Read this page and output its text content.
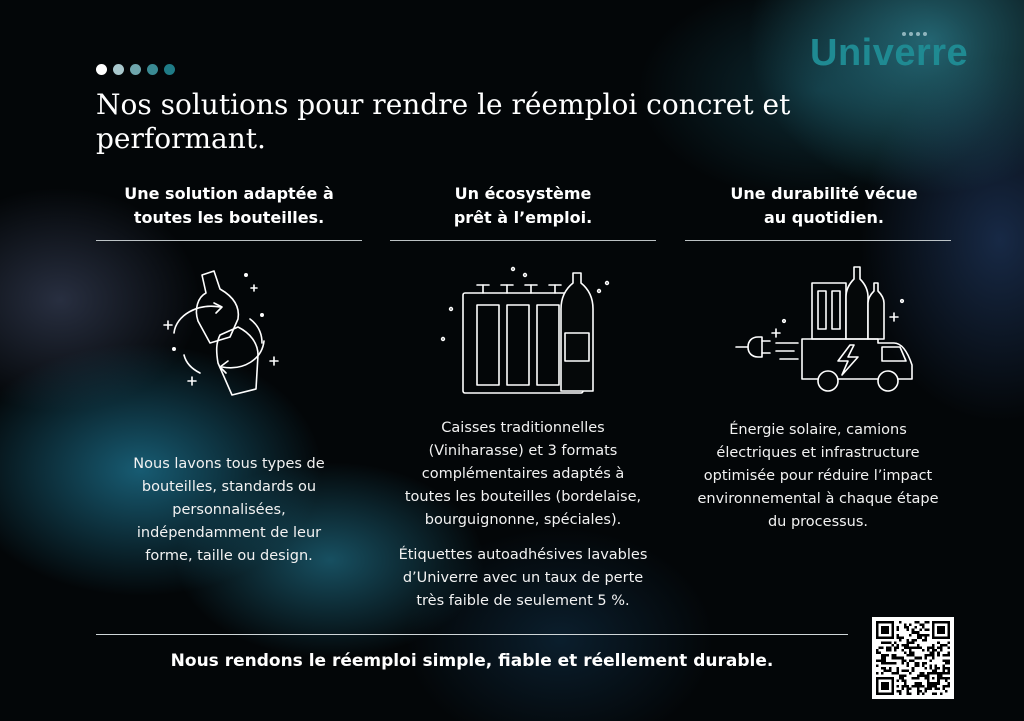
Univerre
Nos solutions pour rendre le réemploi concret et performant.
Une solution adaptée à toutes les bouteilles.
Nous lavons tous types de bouteilles, standards ou personnalisées, indépendamment de leur forme, taille ou design.
Un écosystème prêt à l’emploi.
Caisses traditionnelles (Viniharasse) et 3 formats complémentaires adaptés à toutes les bouteilles (bordelaise, bourguignonne, spéciales).
Étiquettes autoadhésives lavables d’Univerre avec un taux de perte très faible de seulement 5 %.
Une durabilité vécue au quotidien.
Énergie solaire, camions électriques et infrastructure optimisée pour réduire l’impact environnemental à chaque étape du processus.
Nous rendons le réemploi simple, fiable et réellement durable.
